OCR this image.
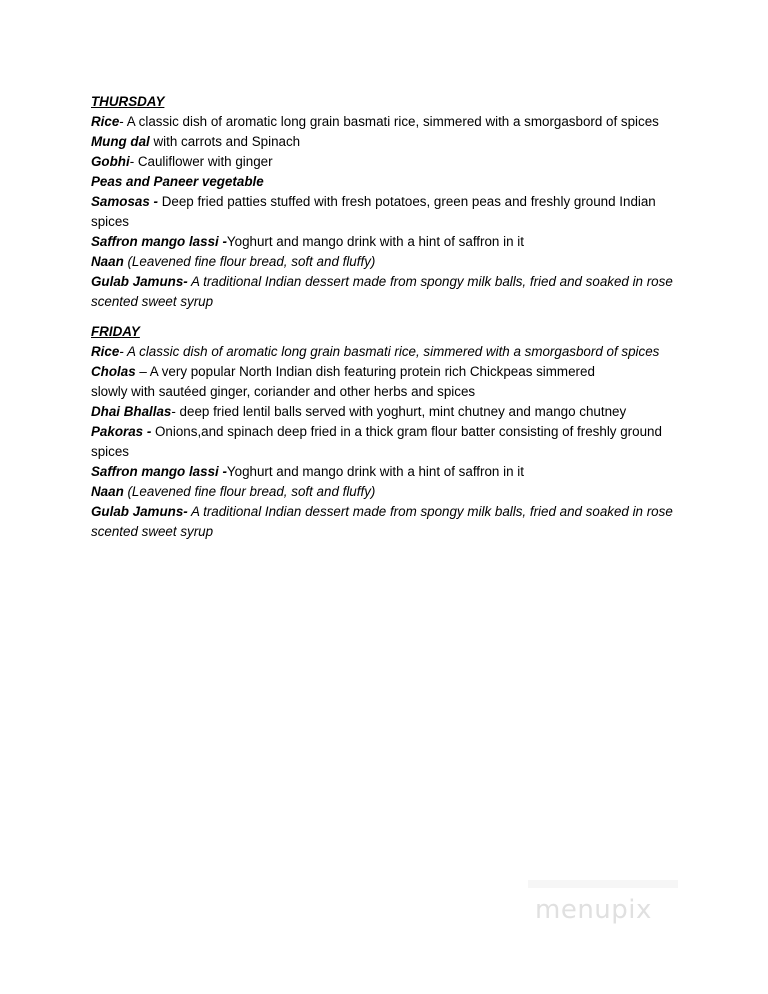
THURSDAY
Rice- A classic dish of aromatic long grain basmati rice, simmered with a smorgasbord of spices
Mung dal with carrots and Spinach
Gobhi- Cauliflower with ginger
Peas and Paneer vegetable
Samosas - Deep fried patties stuffed with fresh potatoes, green peas and freshly ground Indian spices
Saffron mango lassi -Yoghurt and mango drink with a hint of saffron in it
Naan (Leavened fine flour bread, soft and fluffy)
Gulab Jamuns- A traditional Indian dessert made from spongy milk balls, fried and soaked in rose scented sweet syrup
FRIDAY
Rice- A classic dish of aromatic long grain basmati rice, simmered with a smorgasbord of spices
Cholas – A very popular North Indian dish featuring protein rich Chickpeas simmered
slowly with sautéed ginger, coriander and other herbs and spices
Dhai Bhallas- deep fried lentil balls served with yoghurt, mint chutney and mango chutney
Pakoras - Onions,and spinach deep fried in a thick gram flour batter consisting of freshly ground spices
Saffron mango lassi -Yoghurt and mango drink with a hint of saffron in it
Naan (Leavened fine flour bread, soft and fluffy)
Gulab Jamuns- A traditional Indian dessert made from spongy milk balls, fried and soaked in rose scented sweet syrup
menupix
